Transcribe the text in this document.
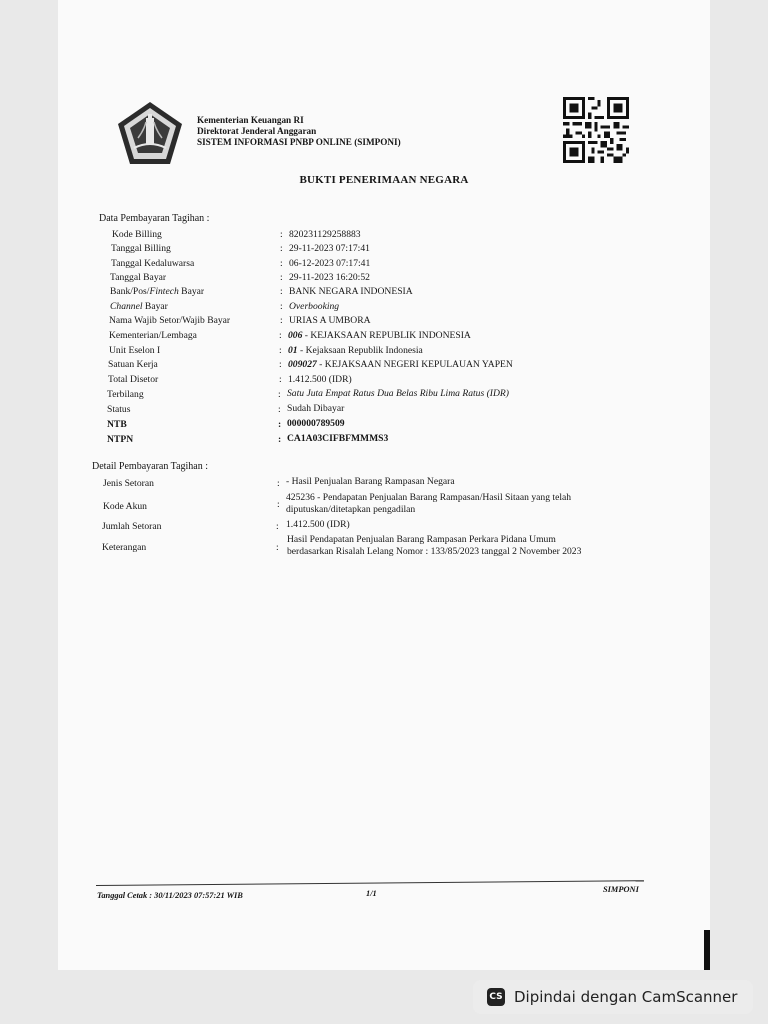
Kementerian Keuangan RI
Direktorat Jenderal Anggaran
SISTEM INFORMASI PNBP ONLINE (SIMPONI)
BUKTI PENERIMAAN NEGARA
Data Pembayaran Tagihan :
Kode Billing	: 820231129258883
Tanggal Billing	: 29-11-2023 07:17:41
Tanggal Kedaluwarsa	: 06-12-2023 07:17:41
Tanggal Bayar	: 29-11-2023 16:20:52
Bank/Pos/Fintech Bayar	: BANK NEGARA INDONESIA
Channel Bayar	: Overbooking
Nama Wajib Setor/Wajib Bayar	: URIAS A UMBORA
Kementerian/Lembaga	: 006 - KEJAKSAAN REPUBLIK INDONESIA
Unit Eselon I	: 01 - Kejaksaan Republik Indonesia
Satuan Kerja	: 009027 - KEJAKSAAN NEGERI KEPULAUAN YAPEN
Total Disetor	: 1.412.500 (IDR)
Terbilang	: Satu Juta Empat Ratus Dua Belas Ribu Lima Ratus (IDR)
Status	: Sudah Dibayar
NTB	: 000000789509
NTPN	: CA1A03CIFBFMMMS3
Detail Pembayaran Tagihan :
Jenis Setoran	: - Hasil Penjualan Barang Rampasan Negara
Kode Akun	:
425236 - Pendapatan Penjualan Barang Rampasan/Hasil Sitaan yang telah
diputuskan/ditetapkan pengadilan
Jumlah Setoran	: 1.412.500 (IDR)
Keterangan	:
Hasil Pendapatan Penjualan Barang Rampasan Perkara Pidana Umum
berdasarkan Risalah Lelang Nomor : 133/85/2023 tanggal 2 November 2023
Tanggal Cetak : 30/11/2023 07:57:21 WIB	1/1	SIMPONI
CS Dipindai dengan CamScanner
